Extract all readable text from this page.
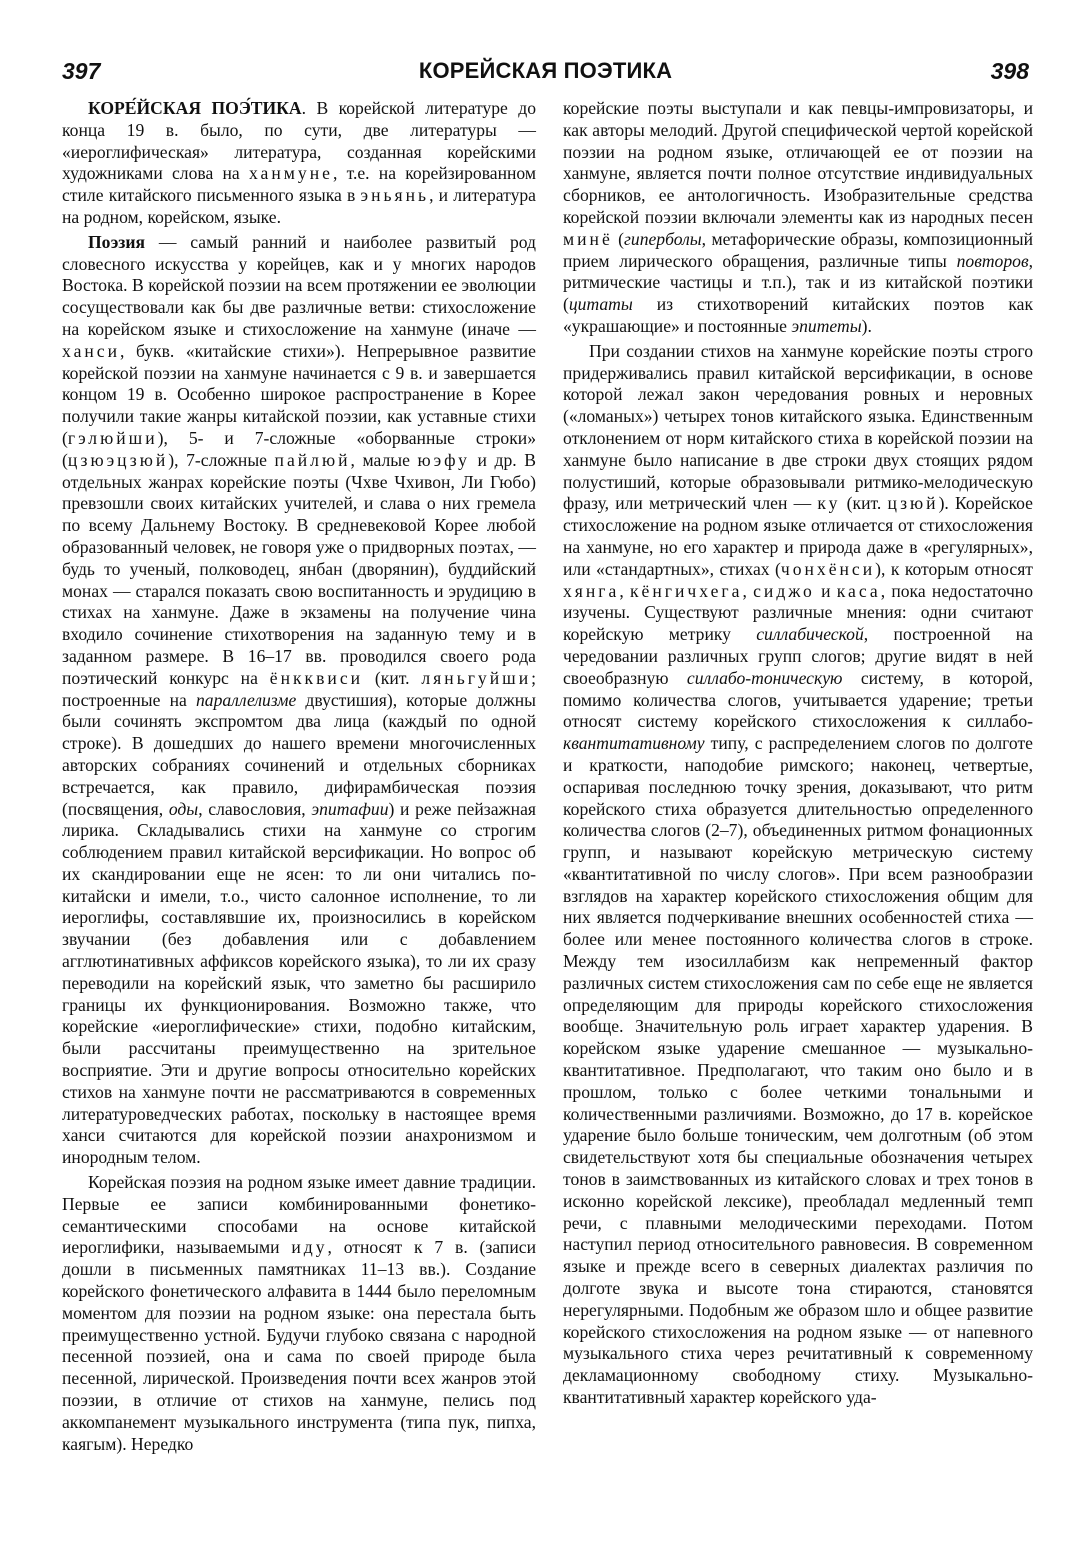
397	КОРЕЙСКАЯ ПОЭТИКА	398

КОРЕ́ЙСКАЯ ПОЭ́ТИКА. В корейской литературе до конца 19 в. было, по сути, две литературы — «иероглифическая» литература, созданная корейскими художниками слова на ханмуне, т.е. на корейзированном стиле китайского письменного языка в эньянь, и литература на родном, корейском, языке.

Поэзия — самый ранний и наиболее развитый род словесного искусства у корейцев, как и у многих народов Востока. В корейской поэзии на всем протяжении ее эволюции сосуществовали как бы две различные ветви: стихосложение на корейском языке и стихосложение на ханмуне (иначе — ханси, букв. «китайские стихи»). Непрерывное развитие корейской поэзии на ханмуне начинается с 9 в. и завершается концом 19 в. Особенно широкое распространение в Корее получили такие жанры китайской поэзии, как уставные стихи (гэлюйши), 5- и 7-сложные «оборванные строки» (цзюэцзюй), 7-сложные пайлюй, малые юэфу и др. В отдельных жанрах корейские поэты (Чхве Чхивон, Ли Гюбо) превзошли своих китайских учителей, и слава о них гремела по всему Дальнему Востоку. В средневековой Корее любой образованный человек, не говоря уже о придворных поэтах, — будь то ученый, полководец, янбан (дворянин), буддийский монах — старался показать свою воспитанность и эрудицию в стихах на ханмуне. Даже в экзамены на получение чина входило сочинение стихотворения на заданную тему и в заданном размере. В 16–17 вв. проводился своего рода поэтический конкурс на ёнкквиси (кит. ляньгуйши; построенные на параллелизме двустишия), которые должны были сочинять экспромтом два лица (каждый по одной строке). В дошедших до нашего времени многочисленных авторских собраниях сочинений и отдельных сборниках встречается, как правило, дифирамбическая поэзия (посвящения, оды, славословия, эпитафии) и реже пейзажная лирика. Складывались стихи на ханмуне со строгим соблюдением правил китайской версификации. Но вопрос об их скандировании еще не ясен: то ли они читались по-китайски и имели, т.о., чисто салонное исполнение, то ли иероглифы, составлявшие их, произносились в корейском звучании (без добавления или с добавлением агглютинативных аффиксов корейского языка), то ли их сразу переводили на корейский язык, что заметно бы расширило границы их функционирования. Возможно также, что корейские «иероглифические» стихи, подобно китайским, были рассчитаны преимущественно на зрительное восприятие. Эти и другие вопросы относительно корейских стихов на ханмуне почти не рассматриваются в современных литературоведческих работах, поскольку в настоящее время ханси считаются для корейской поэзии анахронизмом и инородным телом.

Корейская поэзия на родном языке имеет давние традиции. Первые ее записи комбинированными фонетико-семантическими способами на основе китайской иероглифики, называемыми иду, относят к 7 в. (записи дошли в письменных памятниках 11–13 вв.). Создание корейского фонетического алфавита в 1444 было переломным моментом для поэзии на родном языке: она перестала быть преимущественно устной. Будучи глубоко связана с народной песенной поэзией, она и сама по своей природе была песенной, лирической. Произведения почти всех жанров этой поэзии, в отличие от стихов на ханмуне, пелись под аккомпанемент музыкального инструмента (типа пук, пипха, каягым). Нередко

корейские поэты выступали и как певцы-импровизаторы, и как авторы мелодий. Другой специфической чертой корейской поэзии на родном языке, отличающей ее от поэзии на ханмуне, является почти полное отсутствие индивидуальных сборников, ее антологичность. Изобразительные средства корейской поэзии включали элементы как из народных песен минё (гиперболы, метафорические образы, композиционный прием лирического обращения, различные типы повторов, ритмические частицы и т.п.), так и из китайской поэтики (цитаты из стихотворений китайских поэтов как «украшающие» и постоянные эпитеты).

При создании стихов на ханмуне корейские поэты строго придерживались правил китайской версификации, в основе которой лежал закон чередования ровных и неровных («ломаных») четырех тонов китайского языка. Единственным отклонением от норм китайского стиха в корейской поэзии на ханмуне было написание в две строки двух стоящих рядом полустиший, которые образовывали ритмико-мелодическую фразу, или метрический член — ку (кит. цзюй). Корейское стихосложение на родном языке отличается от стихосложения на ханмуне, но его характер и природа даже в «регулярных», или «стандартных», стихах (чонхёнси), к которым относят хянга, кёнгичхега, сиджо и каса, пока недостаточно изучены. Существуют различные мнения: одни считают корейскую метрику силлабической, построенной на чередовании различных групп слогов; другие видят в ней своеобразную силлабо-тоническую систему, в которой, помимо количества слогов, учитывается ударение; третьи относят систему корейского стихосложения к силлабо-квантитативному типу, с распределением слогов по долготе и краткости, наподобие римского; наконец, четвертые, оспаривая последнюю точку зрения, доказывают, что ритм корейского стиха образуется длительностью определенного количества слогов (2–7), объединенных ритмом фонационных групп, и называют корейскую метрическую систему «квантитативной по числу слогов». При всем разнообразии взглядов на характер корейского стихосложения общим для них является подчеркивание внешних особенностей стиха — более или менее постоянного количества слогов в строке. Между тем изосиллабизм как непременный фактор различных систем стихосложения сам по себе еще не является определяющим для природы корейского стихосложения вообще. Значительную роль играет характер ударения. В корейском языке ударение смешанное — музыкально-квантитативное. Предполагают, что таким оно было и в прошлом, только с более четкими тональными и количественными различиями. Возможно, до 17 в. корейское ударение было больше тоническим, чем долготным (об этом свидетельствуют хотя бы специальные обозначения четырех тонов в заимствованных из китайского словах и трех тонов в исконно корейской лексике), преобладал медленный темп речи, с плавными мелодическими переходами. Потом наступил период относительного равновесия. В современном языке и прежде всего в северных диалектах различия по долготе звука и высоте тона стираются, становятся нерегулярными. Подобным же образом шло и общее развитие корейского стихосложения на родном языке — от напевного музыкального стиха через речитативный к современному декламационному свободному стиху. Музыкально-квантитативный характер корейского уда-
